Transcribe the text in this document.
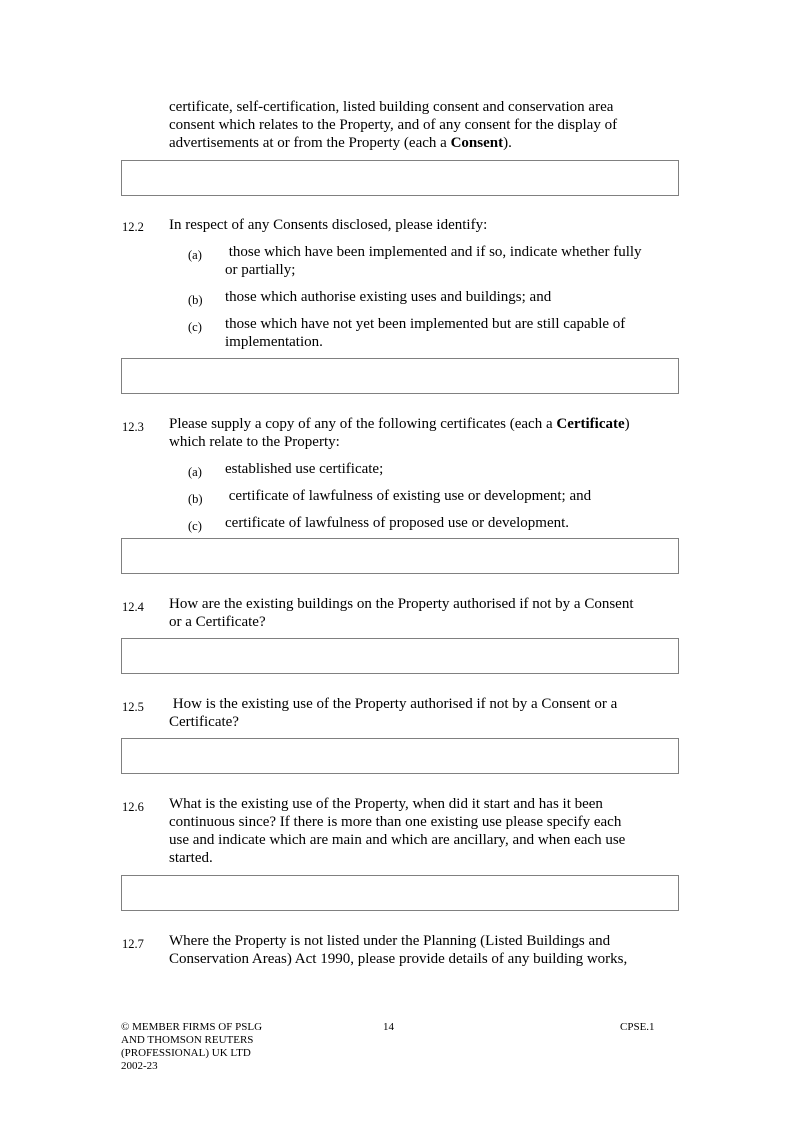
certificate, self-certification, listed building consent and conservation area
consent which relates to the Property, and of any consent for the display of
advertisements at or from the Property (each a Consent).
12.2 In respect of any Consents disclosed, please identify:
(a) those which have been implemented and if so, indicate whether fully
or partially;
(b) those which authorise existing uses and buildings; and
(c) those which have not yet been implemented but are still capable of
implementation.
12.3 Please supply a copy of any of the following certificates (each a Certificate)
which relate to the Property:
(a) established use certificate;
(b) certificate of lawfulness of existing use or development; and
(c) certificate of lawfulness of proposed use or development.
12.4 How are the existing buildings on the Property authorised if not by a Consent
or a Certificate?
12.5 How is the existing use of the Property authorised if not by a Consent or a
Certificate?
12.6 What is the existing use of the Property, when did it start and has it been
continuous since? If there is more than one existing use please specify each
use and indicate which are main and which are ancillary, and when each use
started.
12.7 Where the Property is not listed under the Planning (Listed Buildings and
Conservation Areas) Act 1990, please provide details of any building works,
© MEMBER FIRMS OF PSLG
AND THOMSON REUTERS
(PROFESSIONAL) UK LTD
2002-23
14	CPSE.1
